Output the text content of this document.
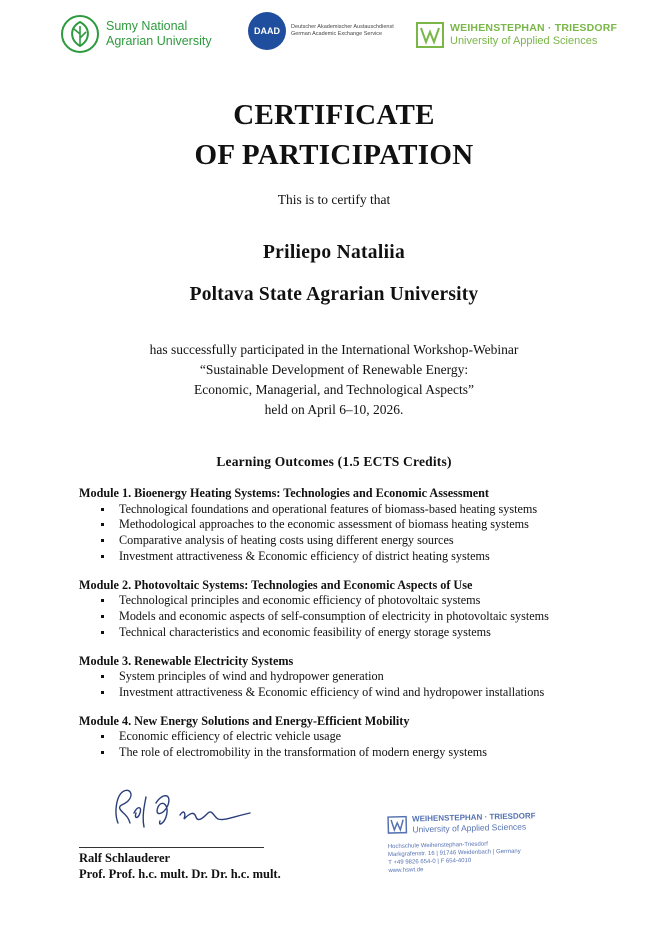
Sumy National
Agrarian University
DAAD	Deutscher Akademischer Austauschdienst
German Academic Exchange Service	WEIHENSTEPHAN · TRIESDORF
University of Applied Sciences
CERTIFICATE
OF PARTICIPATION
This is to certify that
Priliepo Nataliia
Poltava State Agrarian University
has successfully participated in the International Workshop-Webinar
“Sustainable Development of Renewable Energy:
Economic, Managerial, and Technological Aspects”
held on April 6–10, 2026.
Learning Outcomes (1.5 ECTS Credits)
Module 1. Bioenergy Heating Systems: Technologies and Economic Assessment
Technological foundations and operational features of biomass-based heating systems
Methodological approaches to the economic assessment of biomass heating systems
Comparative analysis of heating costs using different energy sources
Investment attractiveness & Economic efficiency of district heating systems
Module 2. Photovoltaic Systems: Technologies and Economic Aspects of Use
Technological principles and economic efficiency of photovoltaic systems
Models and economic aspects of self-consumption of electricity in photovoltaic systems
Technical characteristics and economic feasibility of energy storage systems
Module 3. Renewable Electricity Systems
System principles of wind and hydropower generation
Investment attractiveness & Economic efficiency of wind and hydropower installations
Module 4. New Energy Solutions and Energy-Efficient Mobility
Economic efficiency of electric vehicle usage
The role of electromobility in the transformation of modern energy systems
Ralf Schlauderer
Prof. Prof. h.c. mult. Dr. Dr. h.c. mult.
WEIHENSTEPHAN · TRIESDORF
University of Applied Sciences
Hochschule Weihenstephan-Triesdorf
Markgrafenstr. 16 | 91746 Weidenbach | Germany
T +49 9826 654-0 | F 654-4010
www.hswt.de
